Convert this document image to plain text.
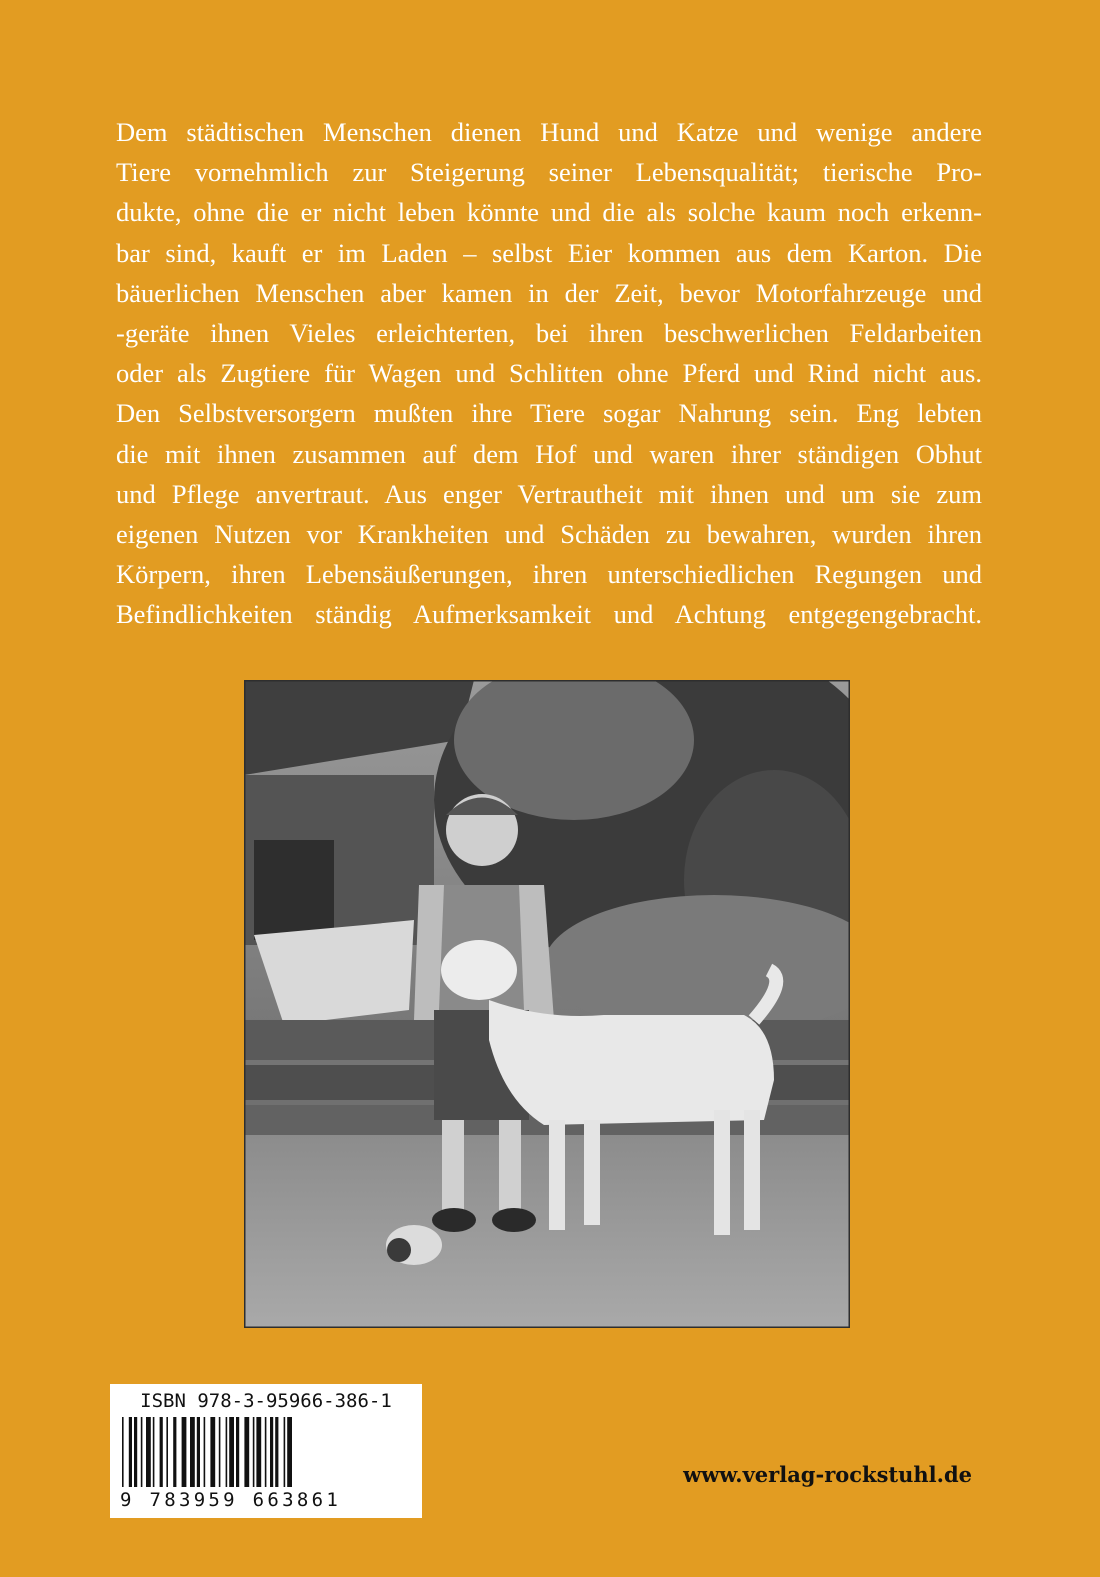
Dem städtischen Menschen dienen Hund und Katze und wenige andere
Tiere vornehmlich zur Steigerung seiner Lebensqualität; tierische Pro-
dukte, ohne die er nicht leben könnte und die als solche kaum noch erkenn-
bar sind, kauft er im Laden – selbst Eier kommen aus dem Karton. Die
bäuerlichen Menschen aber kamen in der Zeit, bevor Motorfahrzeuge und
-geräte ihnen Vieles erleichterten, bei ihren beschwerlichen Feldarbeiten
oder als Zugtiere für Wagen und Schlitten ohne Pferd und Rind nicht aus.
Den Selbstversorgern mußten ihre Tiere sogar Nahrung sein. Eng lebten
die mit ihnen zusammen auf dem Hof und waren ihrer ständigen Obhut
und Pflege anvertraut. Aus enger Vertrautheit mit ihnen und um sie zum
eigenen Nutzen vor Krankheiten und Schäden zu bewahren, wurden ihren
Körpern, ihren Lebensäußerungen, ihren unterschiedlichen Regungen und
Befindlichkeiten ständig Aufmerksamkeit und Achtung entgegengebracht.
ISBN 978-3-95966-386-1
9 783959 663861
www.verlag-rockstuhl.de
